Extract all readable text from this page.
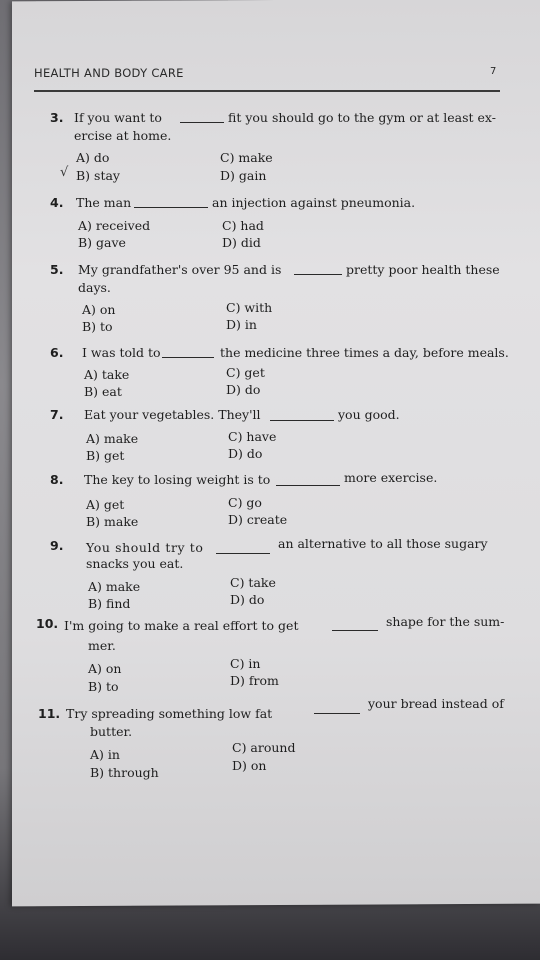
HEALTH AND BODY CARE	7
3. If you want to	fit you should go to the gym or at least ex-
ercise at home.
A) do
√ B) stay
C) make
D) gain
4. The man	an injection against pneumonia.
A) received
B) gave
C) had
D) did
5. My grandfather's over 95 and is	pretty poor health these
days.
A) on
B) to
C) with
D) in
6. I was told to	the medicine three times a day, before meals.
A) take
B) eat
C) get
D) do
7. Eat your vegetables. They'll	you good.
A) make
B) get
C) have
D) do
8. The key to losing weight is to	more exercise.
A) get
B) make
C) go
D) create
9. You should try to	an alternative to all those sugary
snacks you eat.
A) make
B) find
C) take
D) do
10. I'm going to make a real effort to get	shape for the sum-
mer.
A) on
B) to
C) in
D) from
11. Try spreading something low fat
your bread instead of
butter.
A) in
B) through
C) around
D) on
